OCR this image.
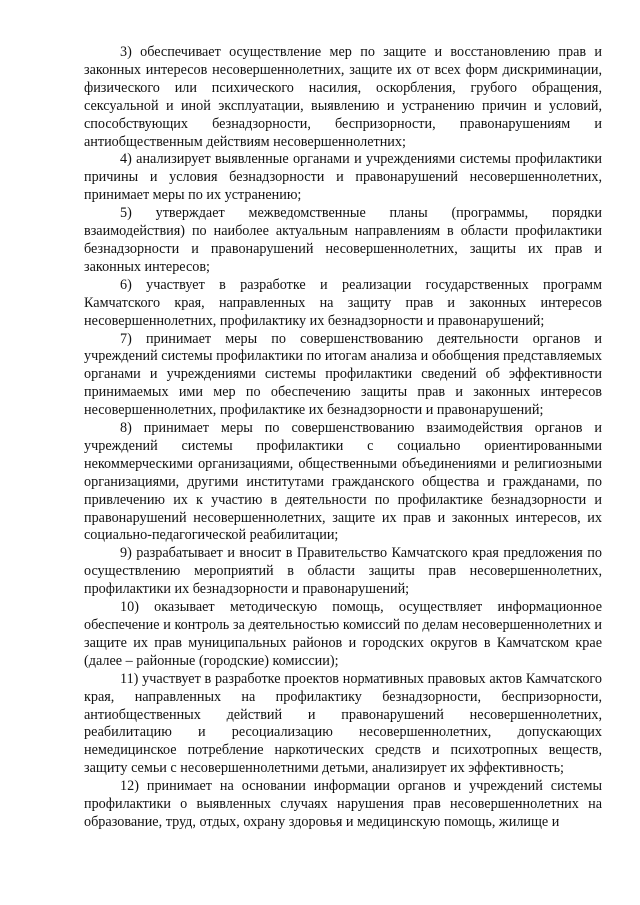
3) обеспечивает осуществление мер по защите и восстановлению прав и законных интересов несовершеннолетних, защите их от всех форм дискриминации, физического или психического насилия, оскорбления, грубого обращения, сексуальной и иной эксплуатации, выявлению и устранению причин и условий, способствующих безнадзорности, беспризорности, правонарушениям и антиобщественным действиям несовершеннолетних;

4) анализирует выявленные органами и учреждениями системы профилактики причины и условия безнадзорности и правонарушений несовершеннолетних, принимает меры по их устранению;

5) утверждает межведомственные планы (программы, порядки взаимодействия) по наиболее актуальным направлениям в области профилактики безнадзорности и правонарушений несовершеннолетних, защиты их прав и законных интересов;

6) участвует в разработке и реализации государственных программ Камчатского края, направленных на защиту прав и законных интересов несовершеннолетних, профилактику их безнадзорности и правонарушений;

7) принимает меры по совершенствованию деятельности органов и учреждений системы профилактики по итогам анализа и обобщения представляемых органами и учреждениями системы профилактики сведений об эффективности принимаемых ими мер по обеспечению защиты прав и законных интересов несовершеннолетних, профилактике их безнадзорности и правонарушений;

8) принимает меры по совершенствованию взаимодействия органов и учреждений системы профилактики с социально ориентированными некоммерческими организациями, общественными объединениями и религиозными организациями, другими институтами гражданского общества и гражданами, по привлечению их к участию в деятельности по профилактике безнадзорности и правонарушений несовершеннолетних, защите их прав и законных интересов, их социально-педагогической реабилитации;

9) разрабатывает и вносит в Правительство Камчатского края предложения по осуществлению мероприятий в области защиты прав несовершеннолетних, профилактики их безнадзорности и правонарушений;

10) оказывает методическую помощь, осуществляет информационное обеспечение и контроль за деятельностью комиссий по делам несовершеннолетних и защите их прав муниципальных районов и городских округов в Камчатском крае (далее – районные (городские) комиссии);

11) участвует в разработке проектов нормативных правовых актов Камчатского края, направленных на профилактику безнадзорности, беспризорности, антиобщественных действий и правонарушений несовершеннолетних, реабилитацию и ресоциализацию несовершеннолетних, допускающих немедицинское потребление наркотических средств и психотропных веществ, защиту семьи с несовершеннолетними детьми, анализирует их эффективность;

12) принимает на основании информации органов и учреждений системы профилактики о выявленных случаях нарушения прав несовершеннолетних на образование, труд, отдых, охрану здоровья и медицинскую помощь, жилище и
